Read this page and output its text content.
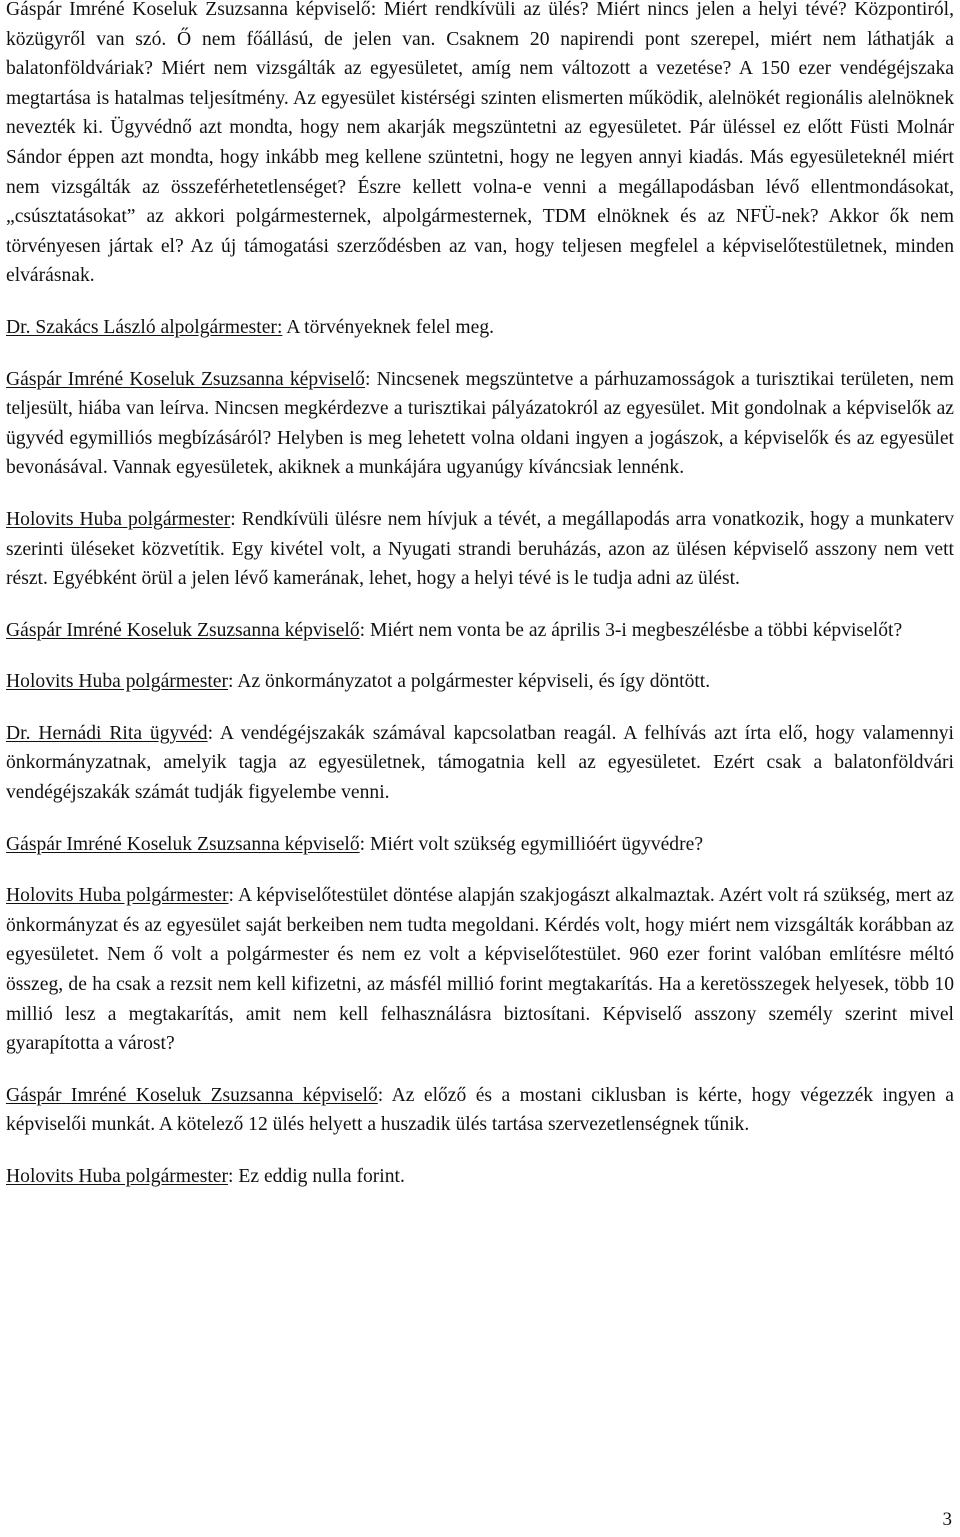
Gáspár Imréné Koseluk Zsuzsanna képviselő: Miért rendkívüli az ülés? Miért nincs jelen a helyi tévé? Központiról, közügyről van szó. Ő nem főállású, de jelen van. Csaknem 20 napirendi pont szerepel, miért nem láthatják a balatonföldváriak? Miért nem vizsgálták az egyesületet, amíg nem változott a vezetése? A 150 ezer vendégéjszaka megtartása is hatalmas teljesítmény. Az egyesület kistérségi szinten elismerten működik, alelnökét regionális alelnöknek nevezték ki. Ügyvédnő azt mondta, hogy nem akarják megszüntetni az egyesületet. Pár üléssel ez előtt Füsti Molnár Sándor éppen azt mondta, hogy inkább meg kellene szüntetni, hogy ne legyen annyi kiadás. Más egyesületeknél miért nem vizsgálták az összeférhetetlenséget? Észre kellett volna-e venni a megállapodásban lévő ellentmondásokat, „csúsztatásokat” az akkori polgármesternek, alpolgármesternek, TDM elnöknek és az NFÜ-nek? Akkor ők nem törvényesen jártak el? Az új támogatási szerződésben az van, hogy teljesen megfelel a képviselőtestületnek, minden elvárásnak.

Dr. Szakács László alpolgármester: A törvényeknek felel meg.

Gáspár Imréné Koseluk Zsuzsanna képviselő: Nincsenek megszüntetve a párhuzamosságok a turisztikai területen, nem teljesült, hiába van leírva. Nincsen megkérdezve a turisztikai pályázatokról az egyesület. Mit gondolnak a képviselők az ügyvéd egymilliós megbízásáról? Helyben is meg lehetett volna oldani ingyen a jogászok, a képviselők és az egyesület bevonásával. Vannak egyesületek, akiknek a munkájára ugyanúgy kíváncsiak lennénk.

Holovits Huba polgármester: Rendkívüli ülésre nem hívjuk a tévét, a megállapodás arra vonatkozik, hogy a munkaterv szerinti üléseket közvetítik. Egy kivétel volt, a Nyugati strandi beruházás, azon az ülésen képviselő asszony nem vett részt. Egyébként örül a jelen lévő kamerának, lehet, hogy a helyi tévé is le tudja adni az ülést.

Gáspár Imréné Koseluk Zsuzsanna képviselő: Miért nem vonta be az április 3-i megbeszélésbe a többi képviselőt?

Holovits Huba polgármester: Az önkormányzatot a polgármester képviseli, és így döntött.

Dr. Hernádi Rita ügyvéd: A vendégéjszakák számával kapcsolatban reagál. A felhívás azt írta elő, hogy valamennyi önkormányzatnak, amelyik tagja az egyesületnek, támogatnia kell az egyesületet. Ezért csak a balatonföldvári vendégéjszakák számát tudják figyelembe venni.

Gáspár Imréné Koseluk Zsuzsanna képviselő: Miért volt szükség egymillióért ügyvédre?

Holovits Huba polgármester: A képviselőtestület döntése alapján szakjogászt alkalmaztak. Azért volt rá szükség, mert az önkormányzat és az egyesület saját berkeiben nem tudta megoldani. Kérdés volt, hogy miért nem vizsgálták korábban az egyesületet. Nem ő volt a polgármester és nem ez volt a képviselőtestület. 960 ezer forint valóban említésre méltó összeg, de ha csak a rezsit nem kell kifizetni, az másfél millió forint megtakarítás. Ha a keretösszegek helyesek, több 10 millió lesz a megtakarítás, amit nem kell felhasználásra biztosítani. Képviselő asszony személy szerint mivel gyarapította a várost?

Gáspár Imréné Koseluk Zsuzsanna képviselő: Az előző és a mostani ciklusban is kérte, hogy végezzék ingyen a képviselői munkát. A kötelező 12 ülés helyett a huszadik ülés tartása szervezetlenségnek tűnik.

Holovits Huba polgármester: Ez eddig nulla forint.

3
